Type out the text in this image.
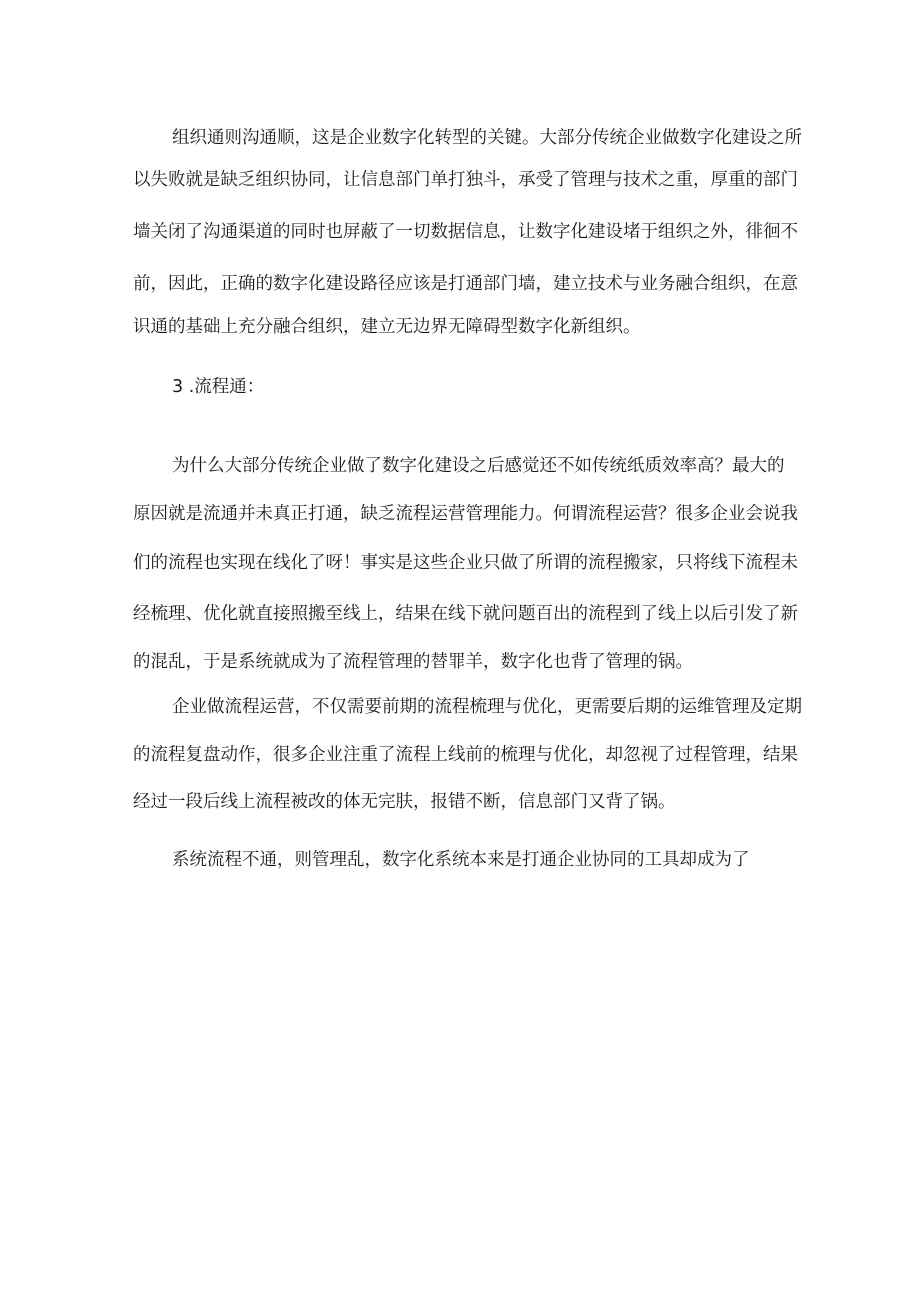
组织通则沟通顺，这是企业数字化转型的关键。大部分传统企业做数字化建设之所
以失败就是缺乏组织协同，让信息部门单打独斗，承受了管理与技术之重，厚重的部门
墙关闭了沟通渠道的同时也屏蔽了一切数据信息，让数字化建设堵于组织之外，徘徊不
前，因此，正确的数字化建设路径应该是打通部门墙，建立技术与业务融合组织，在意
识通的基础上充分融合组织，建立无边界无障碍型数字化新组织。
3 .流程通：
为什么大部分传统企业做了数字化建设之后感觉还不如传统纸质效率高？最大的
原因就是流通并未真正打通，缺乏流程运营管理能力。何谓流程运营？很多企业会说我
们的流程也实现在线化了呀！事实是这些企业只做了所谓的流程搬家，只将线下流程未
经梳理、优化就直接照搬至线上，结果在线下就问题百出的流程到了线上以后引发了新
的混乱，于是系统就成为了流程管理的替罪羊，数字化也背了管理的锅。
企业做流程运营，不仅需要前期的流程梳理与优化，更需要后期的运维管理及定期
的流程复盘动作，很多企业注重了流程上线前的梳理与优化，却忽视了过程管理，结果
经过一段后线上流程被改的体无完肤，报错不断，信息部门又背了锅。
系统流程不通，则管理乱，数字化系统本来是打通企业协同的工具却成为了
